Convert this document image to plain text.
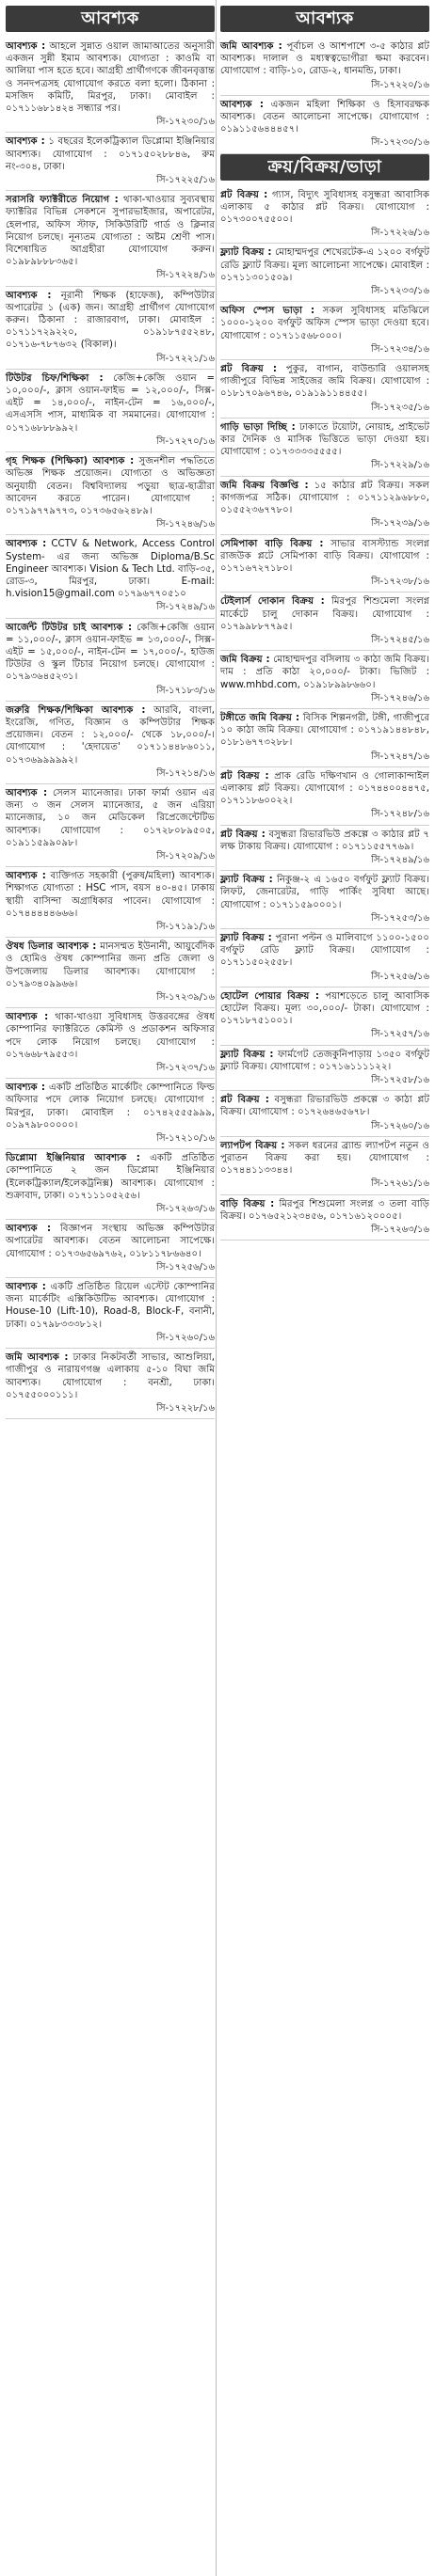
আবশ্যক
আবশ্যক : আহলে সুন্নাত ওয়াল জামাআতের অনুসারী একজন সুন্নী ইমাম আবশ্যক। যোগ্যতা : কাওমি বা আলিয়া পাস হতে হবে। আগ্রহী প্রার্থীগণকে জীবনবৃত্তান্ত ও সনদপত্রসহ যোগাযোগ করতে বলা হলো। ঠিকানা : মসজিদ কমিটি, মিরপুর, ঢাকা। মোবাইল : ০১৭১১৬৮১৪২৪ সন্ধ্যার পর।
সি-১৭২৩০/১৬
আবশ্যক : ১ বছরের ইলেকট্রিক্যাল ডিপ্লোমা ইঞ্জিনিয়ার আবশ্যক। যোগাযোগ : ০১৭১৫০২৮৮৪৬, রুম নং-৩০৪, ঢাকা।
সি-১৭২২৫/১৬
সরাসরি ফ্যাক্টরীতে নিয়োগ : থাকা-খাওয়ার সুব্যবস্থায় ফ্যাক্টরির বিভিন্ন সেকশনে সুপারভাইজার, অপারেটর, হেলপার, অফিস স্টাফ, সিকিউরিটি গার্ড ও ক্লিনার নিয়োগ চলছে। নূন্যতম যোগ্যতা : অষ্টম শ্রেণী পাস। বিশেষায়িত আগ্রহীরা যোগাযোগ করুন। ০১৯৮৯৮৮৮৩৬৫।
সি-১৭২২৪/১৬
আবশ্যক : নূরানী শিক্ষক (হাফেজ), কম্পিউটার অপারেটর ১ (এক) জন। আগ্রহী প্রার্থীগণ যোগাযোগ করুন। ঠিকানা : রাজারবাগ, ঢাকা। মোবাইল : ০১৭১১৭২৯২২০, ০১৯১৮৭৫৫২৪৮, ০১৭১৬-৭৮৭৬৩২ (বিকাল)।
সি-১৭২২১/১৬
টিউটর চিফ/শিক্ষিকা : কেজি+কেজি ওয়ান = ১০,০০০/-, ক্লাস ওয়ান-ফাইভ = ১২,০০০/-, সিক্স-এইট = ১৪,০০০/-, নাইন-টেন = ১৬,০০০/-, এসএসসি পাস, মাধ্যমিক বা সমমানের। যোগাযোগ : ০১৭১৬৮৮৮৯৯২।
সি-১৭২৭০/১৬
গৃহ শিক্ষক (শিক্ষিকা) আবশ্যক : সুজনশীল পদ্ধতিতে অভিজ্ঞ শিক্ষক প্রয়োজন। যোগ্যতা ও অভিজ্ঞতা অনুযায়ী বেতন। বিশ্ববিদ্যালয় পড়ুয়া ছাত্র-ছাত্রীরা আবেদন করতে পারেন। যোগাযোগ : ০১৭১৯৭৭৯৭৭৩, ০১৭৩৬৫৬২৪৮৯।
সি-১৭২৪৬/১৬
আবশ্যক : CCTV & Network, Access Control System- এর জন্য অভিজ্ঞ Diploma/B.Sc Engineer আবশ্যক। Vision & Tech Ltd. বাড়ি-৩৫, রোড-৩, মিরপুর, ঢাকা। E-mail: h.vision15@gmail.com ০১৭৯৬৭৭০৫১০
সি-১৭২৪৯/১৬
আর্জেন্ট টিউটর চাই আবশ্যক : কেজি+কেজি ওয়ান = ১১,০০০/-, ক্লাস ওয়ান-ফাইভ = ১৩,০০০/-, সিক্স-এইট = ১৫,০০০/-, নাইন-টেন = ১৭,০০০/-, হাউজ টিউটর ও স্কুল টিচার নিয়োগ চলছে। যোগাযোগ : ০১৭৯৩৬৪৫২৩১।
সি-১৭১৮৩/১৬
জরুরি শিক্ষক/শিক্ষিকা আবশ্যক : আরবি, বাংলা, ইংরেজি, গণিত, বিজ্ঞান ও কম্পিউটার শিক্ষক প্রয়োজন। বেতন : ১২,০০০/- থেকে ১৮,০০০/-। যোগাযোগ : 'হেদায়েত' ০১৭১১৪৪৮৬০১১, ০১৭৩৬৯৯৯৯৯২।
সি-১৭২১৪/১৬
আবশ্যক : সেলস ম্যানেজার। ঢাকা ফার্মা ওয়ান এর জন্য ৩ জন সেলস ম্যানেজার, ৫ জন এরিয়া ম্যানেজার, ১০ জন মেডিকেল রিপ্রেজেন্টেটিভ আবশ্যক। যোগাযোগ : ০১৭২৮০৮৯৫০৫, ০১৯১১৫৯৯০৯৮।
সি-১৭২০৯/১৬
আবশ্যক : ব্যক্তিগত সহকারী (পুরুষ/মহিলা) আবশ্যক। শিক্ষাগত যোগ্যতা : HSC পাস, বয়স ৪০-৪৫। ঢাকায় স্থায়ী বাসিন্দা অগ্রাধিকার পাবেন। যোগাযোগ : ০১৭৪৪৪৪৪৬৬৬।
সি-১৭১৯১/১৬
ঔষধ ডিলার আবশ্যক : মানসম্মত ইউনানী, আয়ুর্বেদিক ও হোমিও ঔষধ কোম্পানির জন্য প্রতি জেলা ও উপজেলায় ডিলার আবশ্যক। যোগাযোগ : ০১৭৯৩৪০৯৯৬৬।
সি-১৭২৩৯/১৬
আবশ্যক : থাকা-খাওয়া সুবিধাসহ উত্তরবঙ্গের ঔষধ কোম্পানির ফ্যাক্টরিতে কেমিস্ট ও প্রডাকশন অফিসার পদে লোক নিয়োগ চলছে। যোগাযোগ : ০১৭৬৬৮৭৯৫৫৩।
সি-১৭২৩৭/১৬
আবশ্যক : একটি প্রতিষ্ঠিত মার্কেটিং কোম্পানিতে ফিল্ড অফিসার পদে লোক নিয়োগ চলছে। যোগাযোগ : মিরপুর, ঢাকা। মোবাইল : ০১৭৪২৫৫৫৯৯৯, ০১৯৭৯৮০০০০০।
সি-১৭২১০/১৬
ডিপ্লোমা ইঞ্জিনিয়ার আবশ্যক : একটি প্রতিষ্ঠিত কোম্পানিতে ২ জন ডিপ্লোমা ইঞ্জিনিয়ার (ইলেকট্রিক্যাল/ইলেকট্রনিক্স) আবশ্যক। যোগাযোগ : শুক্রাবাদ, ঢাকা। ০১৭১১১০৫২৫৬।
সি-১৭২৬৩/১৬
আবশ্যক : বিজ্ঞাপন সংস্থায় অভিজ্ঞ কম্পিউটার অপারেটর আবশ্যক। বেতন আলোচনা সাপেক্ষে। যোগাযোগ : ০১৭৩৬৫৬৯৭৬২, ০১৮১১৭৮৬৬৪০।
সি-১৭২৫৬/১৬
আবশ্যক : একটি প্রতিষ্ঠিত রিয়েল এস্টেট কোম্পানির জন্য মার্কেটিং এক্সিকিউটিভ আবশ্যক। যোগাযোগ : House-10 (Lift-10), Road-8, Block-F, বনানী, ঢাকা। ০১৭৯৮৩৩৩৮১২।
সি-১৭২৬০/১৬
জমি আবশ্যক : ঢাকার নিকটবর্তী সাভার, আশুলিয়া, গাজীপুর ও নারায়ণগঞ্জ এলাকায় ৫-১০ বিঘা জমি আবশ্যক। যোগাযোগ : বনশ্রী, ঢাকা। ০১৭৫৫০০০১১১।
সি-১৭২২৮/১৬
আবশ্যক
জমি আবশ্যক : পূর্বাচল ও আশপাশে ৩-৫ কাঠার প্লট আবশ্যক। দালাল ও মধ্যস্বত্বভোগীরা ক্ষমা করবেন। যোগাযোগ : বাড়ি-১০, রোড-২, ধানমন্ডি, ঢাকা।
সি-১৭২২০/১৬
আবশ্যক : একজন মহিলা শিক্ষিকা ও হিসাবরক্ষক আবশ্যক। বেতন আলোচনা সাপেক্ষে। যোগাযোগ : ০১৯১১৫৬৪৪৪৫৭।
সি-১৭২৩০/১৬
ক্রয়/বিক্রয়/ভাড়া
প্লট বিক্রয় : গ্যাস, বিদ্যুৎ সুবিধাসহ বসুন্ধরা আবাসিক এলাকায় ৫ কাঠার প্লট বিক্রয়। যোগাযোগ : ০১৭৩০০৭৫৫০০।
সি-১৭২২৬/১৬
ফ্ল্যাট বিক্রয় : মোহাম্মদপুর শেখেরটেক-এ ১২০০ বর্গফুট রেডি ফ্ল্যাট বিক্রয়। মূল্য আলোচনা সাপেক্ষে। মোবাইল : ০১৭১১৩০১৫০৯।
সি-১৭২৩৩/১৬
অফিস স্পেস ভাড়া : সকল সুবিধাসহ মতিঝিলে ১০০০-১২০০ বর্গফুট অফিস স্পেস ভাড়া দেওয়া হবে। যোগাযোগ : ০১৭১১৫৬৮০০০।
সি-১৭২৩৪/১৬
প্লট বিক্রয় : পুকুর, বাগান, বাউন্ডারি ওয়ালসহ গাজীপুরে বিভিন্ন সাইজের জমি বিক্রয়। যোগাযোগ : ০১৮১৭০৯৬৭৪৬, ০১৯১৯১১৪৪৫৫।
সি-১৭২৩৫/১৬
গাড়ি ভাড়া দিচ্ছি : ঢাকাতে টয়োটা, নোয়াহ, প্রাইভেট কার দৈনিক ও মাসিক ভিত্তিতে ভাড়া দেওয়া হয়। যোগাযোগ : ০১৭৩৩৩৩৫৫৫৫।
সি-১৭২২৯/১৬
জমি বিক্রয় বিজ্ঞপ্তি : ১৫ কাঠার প্লট বিক্রয়। সকল কাগজপত্র সঠিক। যোগাযোগ : ০১৭১১২৯৬৮৮০, ০১৫৫২৩৬৭৭৮০।
সি-১৭২৩৯/১৬
সেমিপাকা বাড়ি বিক্রয় : সাভার বাসস্ট্যান্ড সংলগ্ন রাজউক প্লটে সেমিপাকা বাড়ি বিক্রয়। যোগাযোগ : ০১৭১৬৭২৭১৮০।
সি-১৭২৩৮/১৬
টেইলার্স দোকান বিক্রয় : মিরপুর শিশুমেলা সংলগ্ন মার্কেটে চালু দোকান বিক্রয়। যোগাযোগ : ০১৭৯৯৮৮৭৭৯৫।
সি-১৭২৪৫/১৬
জমি বিক্রয় : মোহাম্মদপুর বসিলায় ৩ কাঠা জমি বিক্রয়। দাম : প্রতি কাঠা ২০,০০০/- টাকা। ভিজিট : www.mhbd.com, ০১৯১৮৯৯৮৬৬০।
সি-১৭২৪৬/১৬
টঙ্গীতে জমি বিক্রয় : বিসিক শিল্পনগরী, টঙ্গী, গাজীপুরে ১০ কাঠা জমি বিক্রয়। যোগাযোগ : ০১৭১৯১৪৪৮৪৮, ০১৮১৬৭৭৩২৮৮।
সি-১৭২৪৭/১৬
প্লট বিক্রয় : প্রাক রেডি দক্ষিণখান ও গোলাকান্দাইল এলাকায় প্লট বিক্রয়। যোগাযোগ : ০১৭৪৪০০৪৪৭৫, ০১৭১১৮৬০০২২।
সি-১৭২৪৮/১৬
প্লট বিক্রয় : বসুন্ধরা রিভারভিউ প্রকল্পে ৩ কাঠার প্লট ৭ লক্ষ টাকায় বিক্রয়। যোগাযোগ : ০১৭১১৫৫৭৭৬৯।
সি-১৭২৪৯/১৬
ফ্ল্যাট বিক্রয় : নিকুঞ্জ-২ এ ১৬৫০ বর্গফুট ফ্ল্যাট বিক্রয়। লিফট, জেনারেটর, গাড়ি পার্কিং সুবিধা আছে। যোগাযোগ : ০১৭১১৫৯০০০১।
সি-১৭২৫৩/১৬
ফ্ল্যাট বিক্রয় : পুরানা পল্টন ও মালিবাগে ১১০০-১৫০০ বর্গফুট রেডি ফ্ল্যাট বিক্রয়। যোগাযোগ : ০১৭১১৫০২৫৫৮।
সি-১৭২৫৬/১৬
হোটেল পোয়ার বিক্রয় : পয়াশড়েতে চালু আবাসিক হোটেল বিক্রয়। মূল্য ৩০,০০০/- টাকা। যোগাযোগ : ০১৭১৮৭৫১০০১।
সি-১৭২৫৭/১৬
ফ্ল্যাট বিক্রয় : ফার্মগেট তেজকুনিপাড়ায় ১৩৫০ বর্গফুট ফ্ল্যাট বিক্রয়। যোগাযোগ : ০১৭১৬১১১১২২।
সি-১৭২৫৮/১৬
প্লট বিক্রয় : বসুন্ধরা রিভারভিউ প্রকল্পে ৩ কাঠা প্লট বিক্রয়। যোগাযোগ : ০১৭২৬৪৬৫৬৭৮।
সি-১৭২৬০/১৬
ল্যাপটপ বিক্রয় : সকল ধরনের ব্র্যান্ড ল্যাপটপ নতুন ও পুরাতন বিক্রয় করা হয়। যোগাযোগ : ০১৭৪৪১১৩৩৪৪।
সি-১৭২৬১/১৬
বাড়ি বিক্রয় : মিরপুর শিশুমেলা সংলগ্ন ৩ তলা বাড়ি বিক্রয়। ০১৭৬৫২১২৩৪৫৬, ০১৭১৬১২০০০৫।
সি-১৭২৬৩/১৬
